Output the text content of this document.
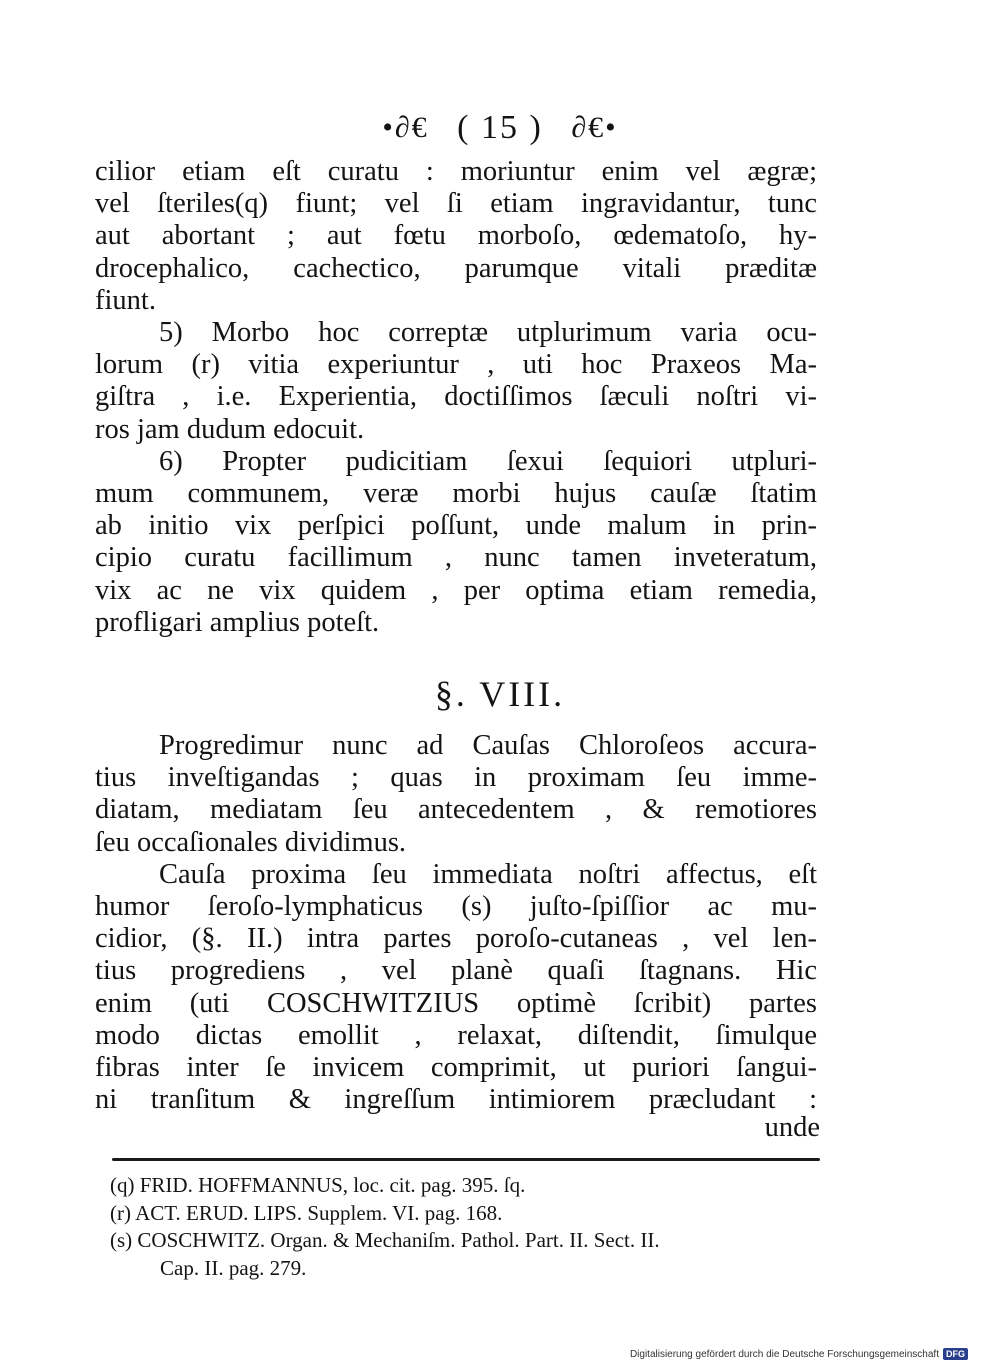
•∂€ ( 15 ) ∂€•
cilior etiam eſt curatu : moriuntur enim vel ægræ;
vel ſteriles(q) fiunt; vel ſi etiam ingravidantur, tunc
aut abortant ; aut fœtu morboſo, œdematoſo, hy-
drocephalico, cachectico, parumque vitali præditæ
fiunt.
5) Morbo hoc correptæ utplurimum varia ocu-
lorum (r) vitia experiuntur , uti hoc Praxeos Ma-
giſtra , i.e. Experientia, doctiſſimos ſæculi noſtri vi-
ros jam dudum edocuit.
6) Propter pudicitiam ſexui ſequiori utpluri-
mum communem, veræ morbi hujus cauſæ ſtatim
ab initio vix perſpici poſſunt, unde malum in prin-
cipio curatu facillimum , nunc tamen inveteratum,
vix ac ne vix quidem , per optima etiam remedia,
profligari amplius poteſt.
§. VIII.
Progredimur nunc ad Cauſas Chloroſeos accura-
tius inveſtigandas ; quas in proximam ſeu imme-
diatam, mediatam ſeu antecedentem , & remotiores
ſeu occaſionales dividimus.
Cauſa proxima ſeu immediata noſtri affectus, eſt
humor ſeroſo-lymphaticus (s) juſto-ſpiſſior ac mu-
cidior, (§. II.) intra partes poroſo-cutaneas , vel len-
tius progrediens , vel planè quaſi ſtagnans. Hic
enim (uti COSCHWITZIUS optimè ſcribit) partes
modo dictas emollit , relaxat, diſtendit, ſimulque
fibras inter ſe invicem comprimit, ut puriori ſangui-
ni tranſitum & ingreſſum intimiorem præcludant :
unde
(q) FRID. HOFFMANNUS, loc. cit. pag. 395. ſq.
(r) ACT. ERUD. LIPS. Supplem. VI. pag. 168.
(s) COSCHWITZ. Organ. & Mechaniſm. Pathol. Part. II. Sect. II.
Cap. II. pag. 279.
Digitalisierung gefördert durch die Deutsche Forschungsgemeinschaft DFG
